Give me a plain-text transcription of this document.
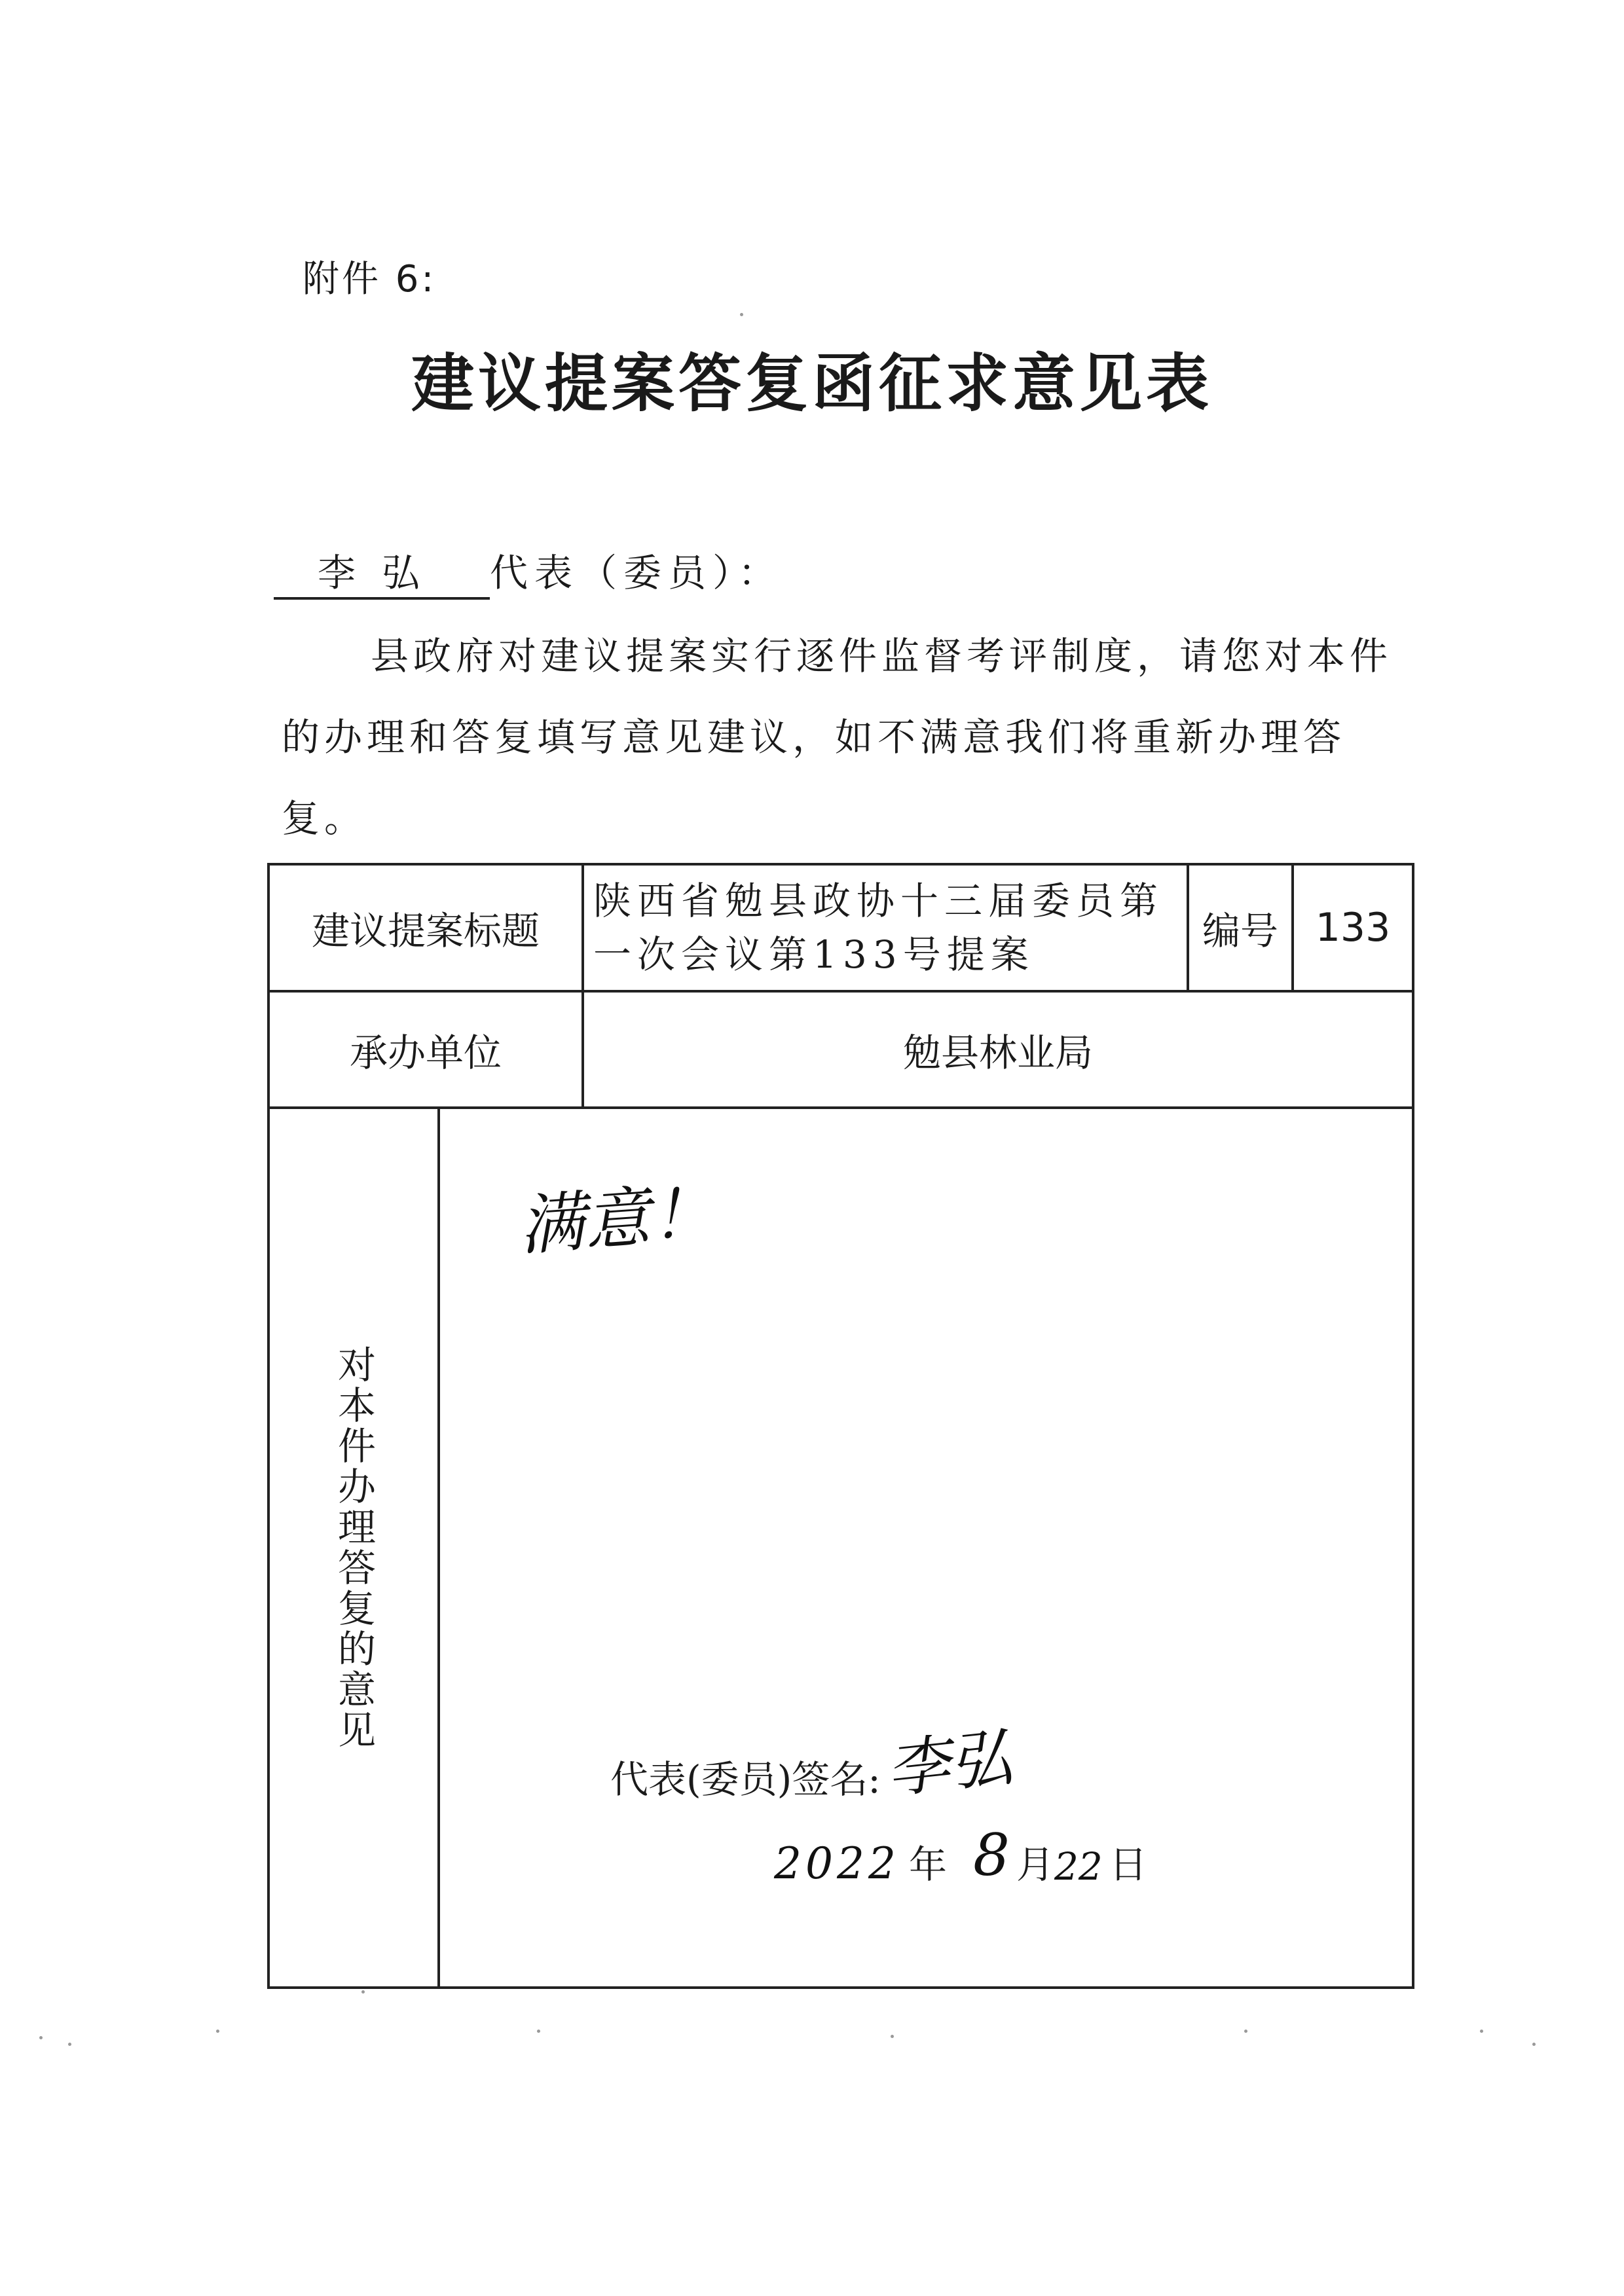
附件 6:
建议提案答复函征求意见表
李弘 代表（委员）：
县政府对建议提案实行逐件监督考评制度，请您对本件的办理和答复填写意见建议，如不满意我们将重新办理答复。
建议提案标题
陕西省勉县政协十三届委员第一次会议第133号提案
编号 133
承办单位	勉县林业局
对本件办理答复的意见
满意！
代表(委员)签名: 李弘
2022 年 8 月 22 日
